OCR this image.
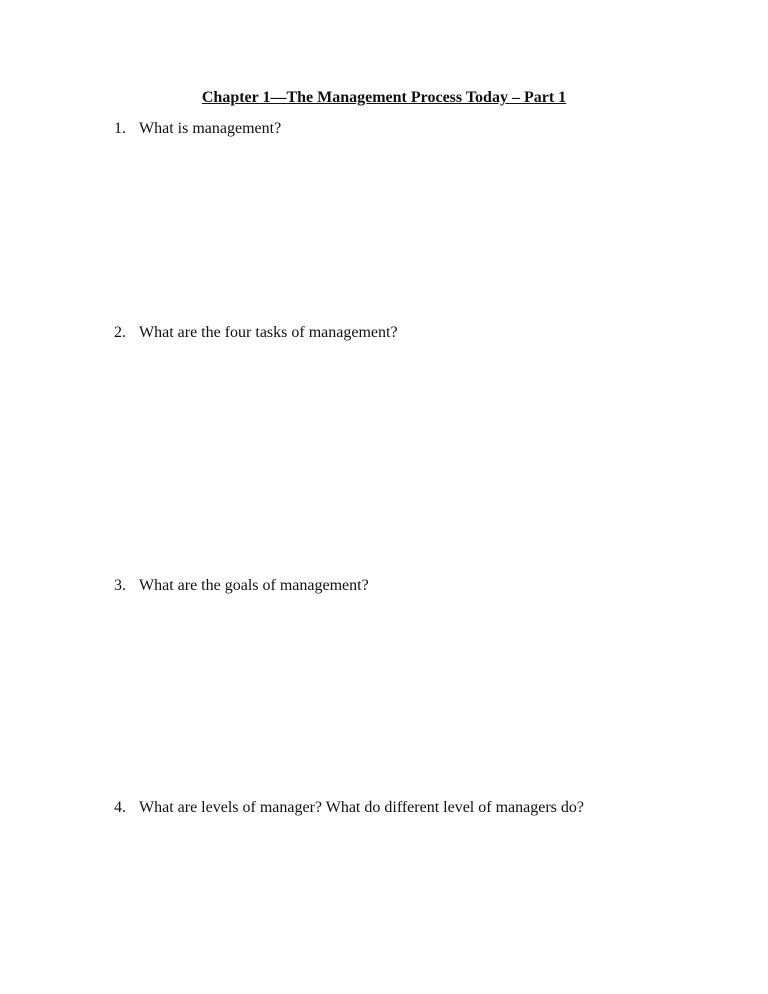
Chapter 1—The Management Process Today – Part 1
1. What is management?
2. What are the four tasks of management?
3. What are the goals of management?
4. What are levels of manager? What do different level of managers do?
